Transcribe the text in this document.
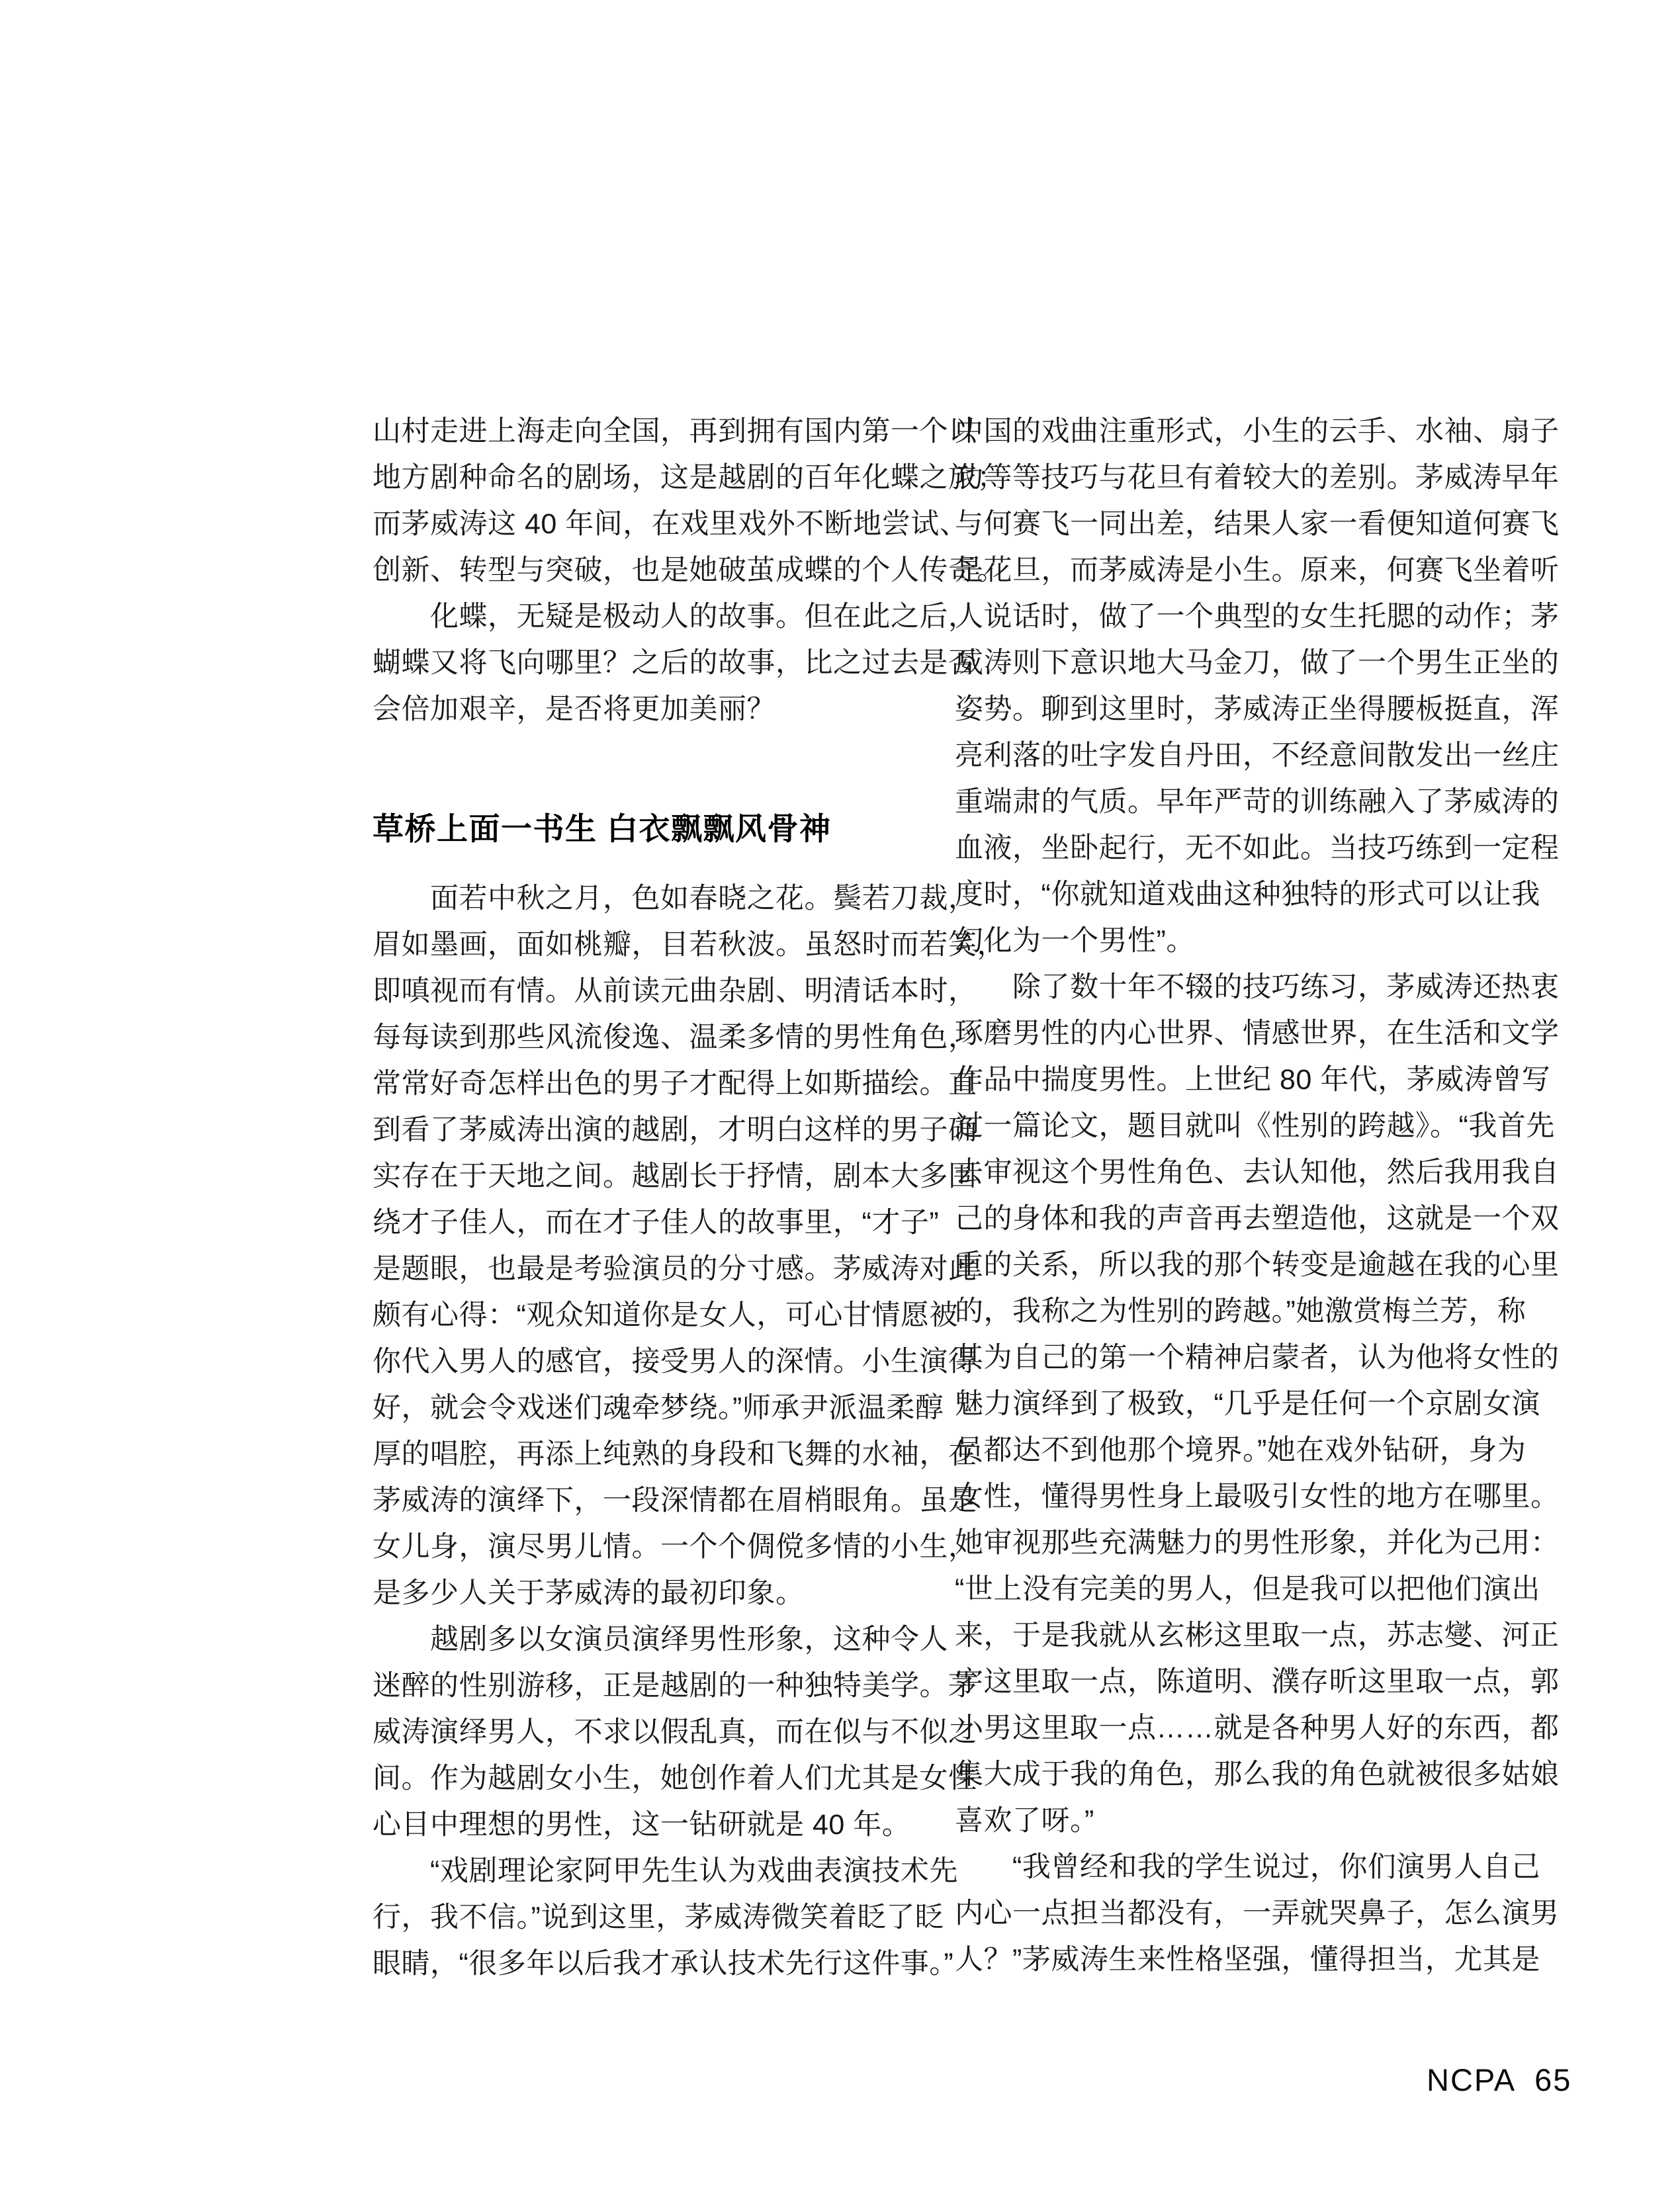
山村走进上海走向全国，再到拥有国内第一个以
地方剧种命名的剧场，这是越剧的百年化蝶之旅；
而茅威涛这 40 年间，在戏里戏外不断地尝试、
创新、转型与突破，也是她破茧成蝶的个人传奇。
　　化蝶，无疑是极动人的故事。但在此之后，
蝴蝶又将飞向哪里？之后的故事，比之过去是否
会倍加艰辛，是否将更加美丽？
草桥上面一书生 白衣飘飘风骨神
　　面若中秋之月，色如春晓之花。鬓若刀裁，
眉如墨画，面如桃瓣，目若秋波。虽怒时而若笑，
即嗔视而有情。从前读元曲杂剧、明清话本时，
每每读到那些风流俊逸、温柔多情的男性角色，
常常好奇怎样出色的男子才配得上如斯描绘。直
到看了茅威涛出演的越剧，才明白这样的男子确
实存在于天地之间。越剧长于抒情，剧本大多围
绕才子佳人，而在才子佳人的故事里，“才子”
是题眼，也最是考验演员的分寸感。茅威涛对此
颇有心得：“观众知道你是女人，可心甘情愿被
你代入男人的感官，接受男人的深情。小生演得
好，就会令戏迷们魂牵梦绕。”师承尹派温柔醇
厚的唱腔，再添上纯熟的身段和飞舞的水袖，在
茅威涛的演绎下，一段深情都在眉梢眼角。虽是
女儿身，演尽男儿情。一个个倜傥多情的小生，
是多少人关于茅威涛的最初印象。
　　越剧多以女演员演绎男性形象，这种令人
迷醉的性别游移，正是越剧的一种独特美学。茅
威涛演绎男人，不求以假乱真，而在似与不似之
间。作为越剧女小生，她创作着人们尤其是女性
心目中理想的男性，这一钻研就是 40 年。
　　“戏剧理论家阿甲先生认为戏曲表演技术先
行，我不信。”说到这里，茅威涛微笑着眨了眨
眼睛，“很多年以后我才承认技术先行这件事。”
中国的戏曲注重形式，小生的云手、水袖、扇子
功等等技巧与花旦有着较大的差别。茅威涛早年
与何赛飞一同出差，结果人家一看便知道何赛飞
是花旦，而茅威涛是小生。原来，何赛飞坐着听
人说话时，做了一个典型的女生托腮的动作；茅
威涛则下意识地大马金刀，做了一个男生正坐的
姿势。聊到这里时，茅威涛正坐得腰板挺直，浑
亮利落的吐字发自丹田，不经意间散发出一丝庄
重端肃的气质。早年严苛的训练融入了茅威涛的
血液，坐卧起行，无不如此。当技巧练到一定程
度时，“你就知道戏曲这种独特的形式可以让我
幻化为一个男性”。
　　除了数十年不辍的技巧练习，茅威涛还热衷
琢磨男性的内心世界、情感世界，在生活和文学
作品中揣度男性。上世纪 80 年代，茅威涛曾写
过一篇论文，题目就叫《性别的跨越》。“我首先
去审视这个男性角色、去认知他，然后我用我自
己的身体和我的声音再去塑造他，这就是一个双
重的关系，所以我的那个转变是逾越在我的心里
的，我称之为性别的跨越。”她激赏梅兰芳，称
其为自己的第一个精神启蒙者，认为他将女性的
魅力演绎到了极致，“几乎是任何一个京剧女演
员都达不到他那个境界。”她在戏外钻研，身为
女性，懂得男性身上最吸引女性的地方在哪里。
她审视那些充满魅力的男性形象，并化为己用：
“世上没有完美的男人，但是我可以把他们演出
来，于是我就从玄彬这里取一点，苏志燮、河正
宇这里取一点，陈道明、濮存昕这里取一点，郭
小男这里取一点……就是各种男人好的东西，都
集大成于我的角色，那么我的角色就被很多姑娘
喜欢了呀。”
　　“我曾经和我的学生说过，你们演男人自己
内心一点担当都没有，一弄就哭鼻子，怎么演男
人？”茅威涛生来性格坚强，懂得担当，尤其是
NCPA 65
